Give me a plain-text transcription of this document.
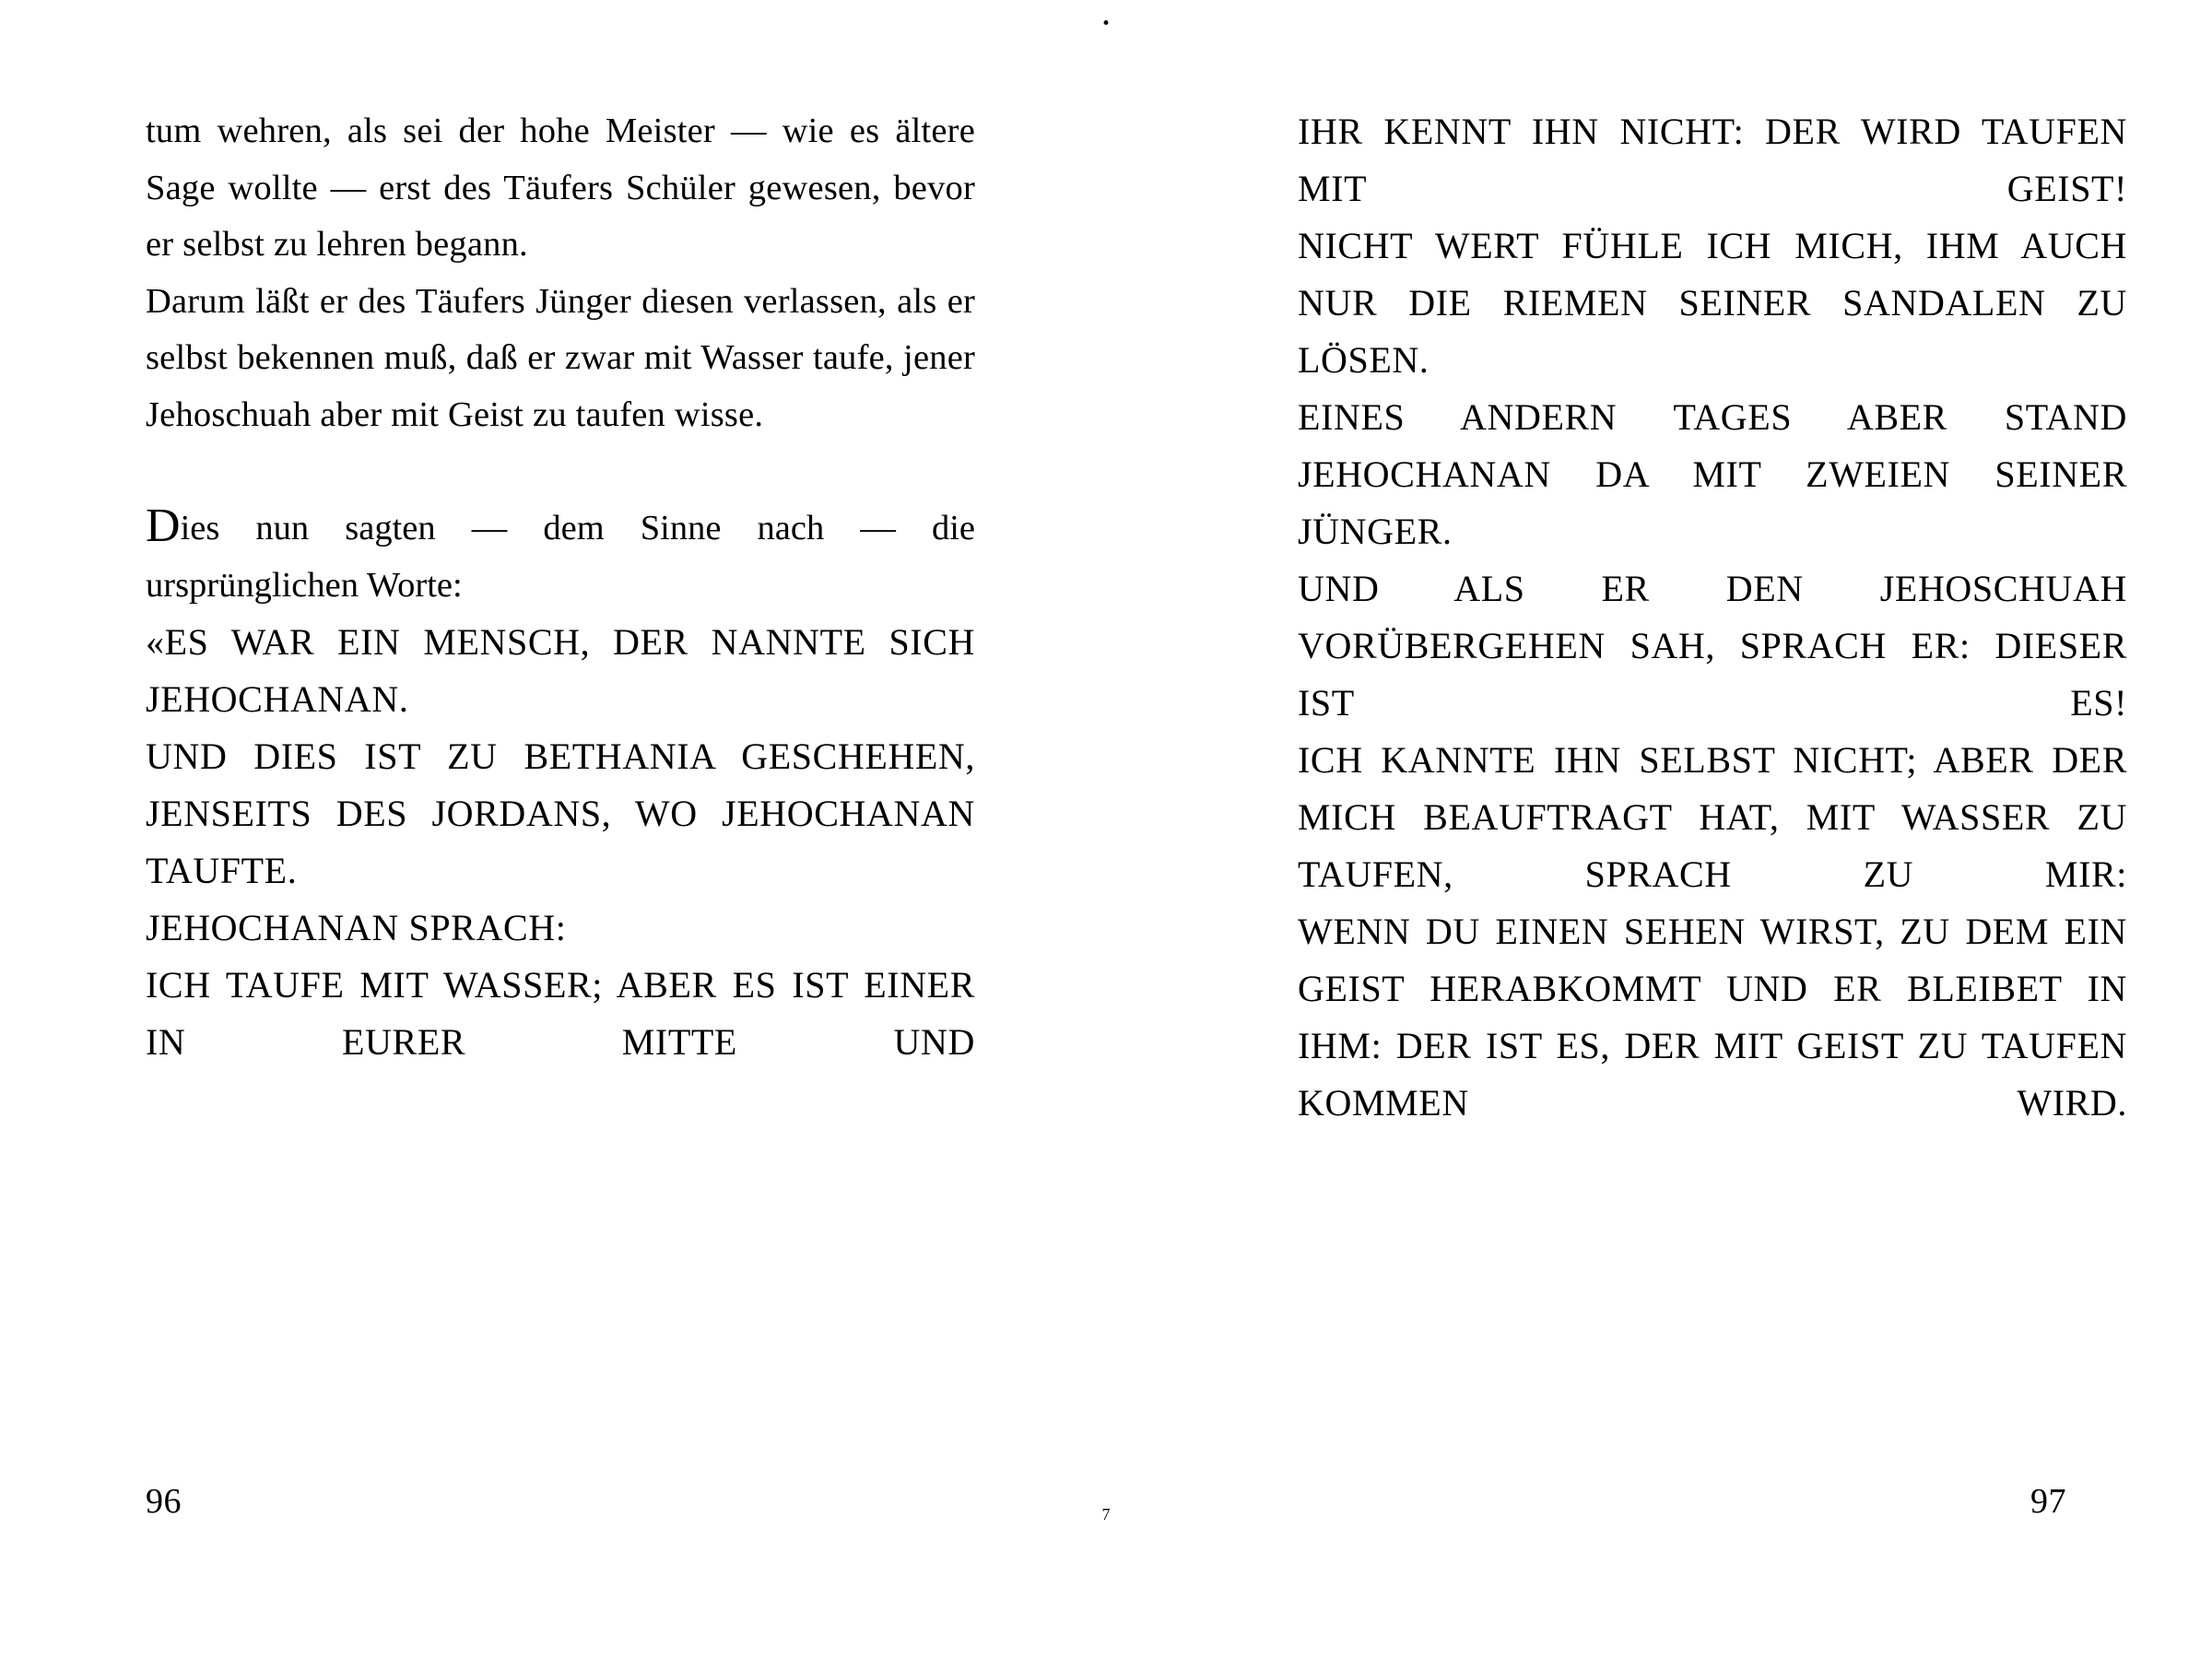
tum wehren, als sei der hohe Meister — wie es ältere Sage wollte — erst des Täufers Schüler gewesen, bevor er selbst zu lehren begann.

Darum läßt er des Täufers Jünger diesen verlassen, als er selbst bekennen muß, daß er zwar mit Wasser taufe, jener Jehoschuah aber mit Geist zu taufen wisse.

Dies nun sagten — dem Sinne nach — die ursprünglichen Worte:

«ES WAR EIN MENSCH, DER NANNTE SICH JEHOCHANAN.

UND DIES IST ZU BETHANIA GESCHEHEN, JENSEITS DES JORDANS, WO JEHOCHANAN TAUFTE.

JEHOCHANAN SPRACH:

ICH TAUFE MIT WASSER; ABER ES IST EINER IN EURER MITTE UND

96

IHR KENNT IHN NICHT: DER WIRD TAUFEN MIT GEIST!

NICHT WERT FÜHLE ICH MICH, IHM AUCH NUR DIE RIEMEN SEINER SANDALEN ZU LÖSEN.

EINES ANDERN TAGES ABER STAND JEHOCHANAN DA MIT ZWEIEN SEINER JÜNGER.

UND ALS ER DEN JEHOSCHUAH VORÜBERGEHEN SAH, SPRACH ER: DIESER IST ES!

ICH KANNTE IHN SELBST NICHT; ABER DER MICH BEAUFTRAGT HAT, MIT WASSER ZU TAUFEN, SPRACH ZU MIR:

WENN DU EINEN SEHEN WIRST, ZU DEM EIN GEIST HERABKOMMT UND ER BLEIBET IN IHM: DER IST ES, DER MIT GEIST ZU TAUFEN KOMMEN WIRD.

97
7
